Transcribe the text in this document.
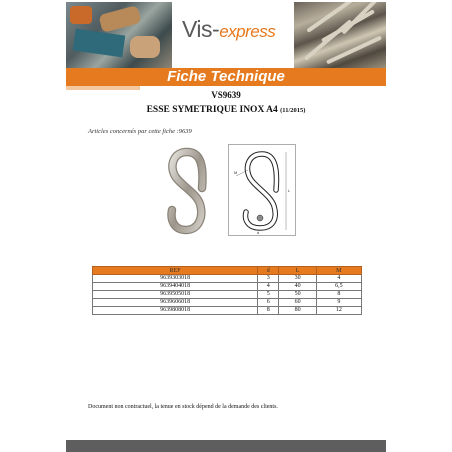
Vis-express
Fiche Technique
VS9639
ESSE SYMETRIQUE INOX A4 (11/2015)
Articles concernés par cette fiche :9639
L
M
d
REF	d	L	M
9639303018	3	30	4
9639404018	4	40	6,5
9639505018	5	50	8
9639606018	6	60	9
9639808018	8	80	12
Document non contractuel, la tenue en stock dépend de la demande des clients.
